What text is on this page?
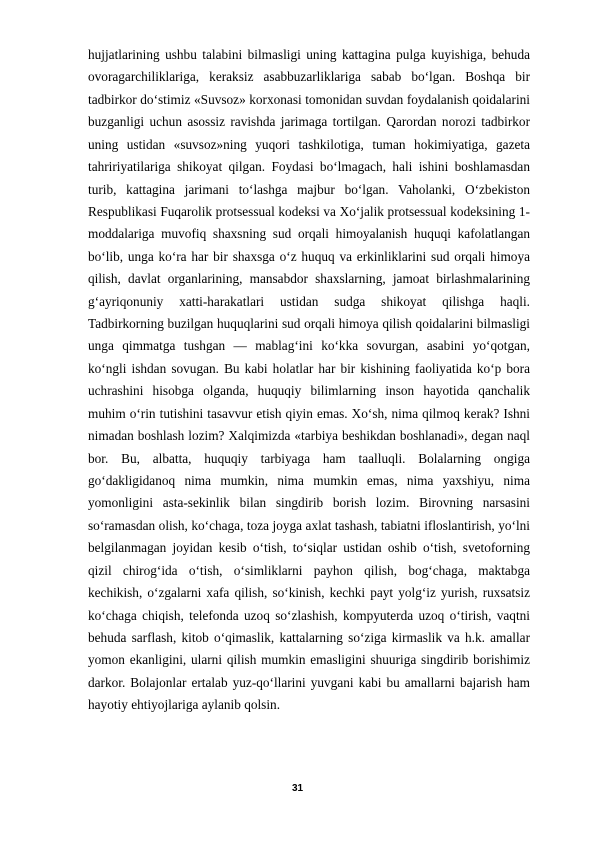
hujjatlarining ushbu talabini bilmasligi uning kattagina pulga kuyishiga, behuda ovoragarchiliklariga, keraksiz asabbuzarliklariga sabab bo‘lgan. Boshqa bir tadbirkor do‘stimiz «Suvsoz» korxonasi tomonidan suvdan foydalanish qoidalarini buzganligi uchun asossiz ravishda jarimaga tortilgan. Qarordan norozi tadbirkor uning ustidan «suvsoz»ning yuqori tashkilotiga, tuman hokimiyatiga, gazeta tahririyatilariga shikoyat qilgan. Foydasi bo‘lmagach, hali ishini boshlamasdan turib, kattagina jarimani to‘lashga majbur bo‘lgan. Vaholanki, O‘zbekiston Respublikasi Fuqarolik protsessual kodeksi va Xo‘jalik protsessual kodeksining 1-moddalariga muvofiq shaxsning sud orqali himoyalanish huquqi kafolatlangan bo‘lib, unga ko‘ra har bir shaxsga o‘z huquq va erkinliklarini sud orqali himoya qilish, davlat organlarining, mansabdor shaxslarning, jamoat birlashmalarining g‘ayriqonuniy xatti-harakatlari ustidan sudga shikoyat qilishga haqli. Tadbirkorning buzilgan huquqlarini sud orqali himoya qilish qoidalarini bilmasligi unga qimmatga tushgan — mablag‘ini ko‘kka sovurgan, asabini yo‘qotgan, ko‘ngli ishdan sovugan. Bu kabi holatlar har bir kishining faoliyatida ko‘p bora uchrashini hisobga olganda, huquqiy bilimlarning inson hayotida qanchalik muhim o‘rin tutishini tasavvur etish qiyin emas. Xo‘sh, nima qilmoq kerak? Ishni nimadan boshlash lozim? Xalqimizda «tarbiya beshikdan boshlanadi», degan naql bor. Bu, albatta, huquqiy tarbiyaga ham taalluqli. Bolalarning ongiga go‘dakligidanoq nima mumkin, nima mumkin emas, nima yaxshiyu, nima yomonligini asta-sekinlik bilan singdirib borish lozim. Birovning narsasini so‘ramasdan olish, ko‘chaga, toza joyga axlat tashash, tabiatni ifloslantirish, yo‘lni belgilanmagan joyidan kesib o‘tish, to‘siqlar ustidan oshib o‘tish, svetoforning qizil chirog‘ida o‘tish, o‘simliklarni payhon qilish, bog‘chaga, maktabga kechikish, o‘zgalarni xafa qilish, so‘kinish, kechki payt yolg‘iz yurish, ruxsatsiz ko‘chaga chiqish, telefonda uzoq so‘zlashish, kompyuterda uzoq o‘tirish, vaqtni behuda sarflash, kitob o‘qimaslik, kattalarning so‘ziga kirmaslik va h.k. amallar yomon ekanligini, ularni qilish mumkin emasligini shuuriga singdirib borishimiz darkor. Bolajonlar ertalab yuz-qo‘llarini yuvgani kabi bu amallarni bajarish ham hayotiy ehtiyojlariga aylanib qolsin.

31
